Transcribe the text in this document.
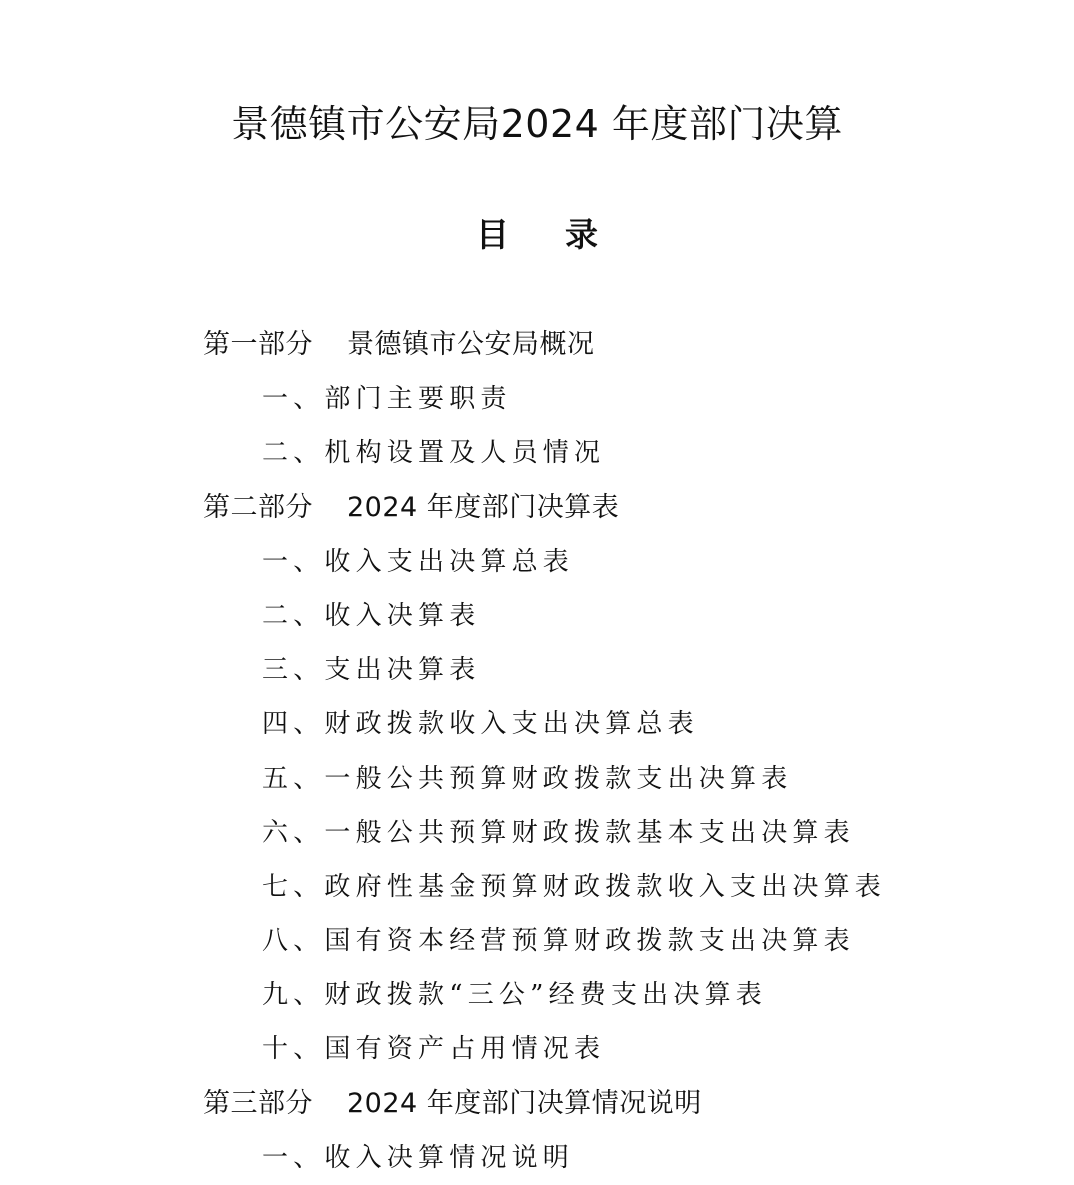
景德镇市公安局2024 年度部门决算
目录
第一部分 景德镇市公安局概况
一、部门主要职责
二、机构设置及人员情况
第二部分 2024 年度部门决算表
一、收入支出决算总表
二、收入决算表
三、支出决算表
四、财政拨款收入支出决算总表
五、一般公共预算财政拨款支出决算表
六、一般公共预算财政拨款基本支出决算表
七、政府性基金预算财政拨款收入支出决算表
八、国有资本经营预算财政拨款支出决算表
九、财政拨款“三公”经费支出决算表
十、国有资产占用情况表
第三部分 2024 年度部门决算情况说明
一、收入决算情况说明
